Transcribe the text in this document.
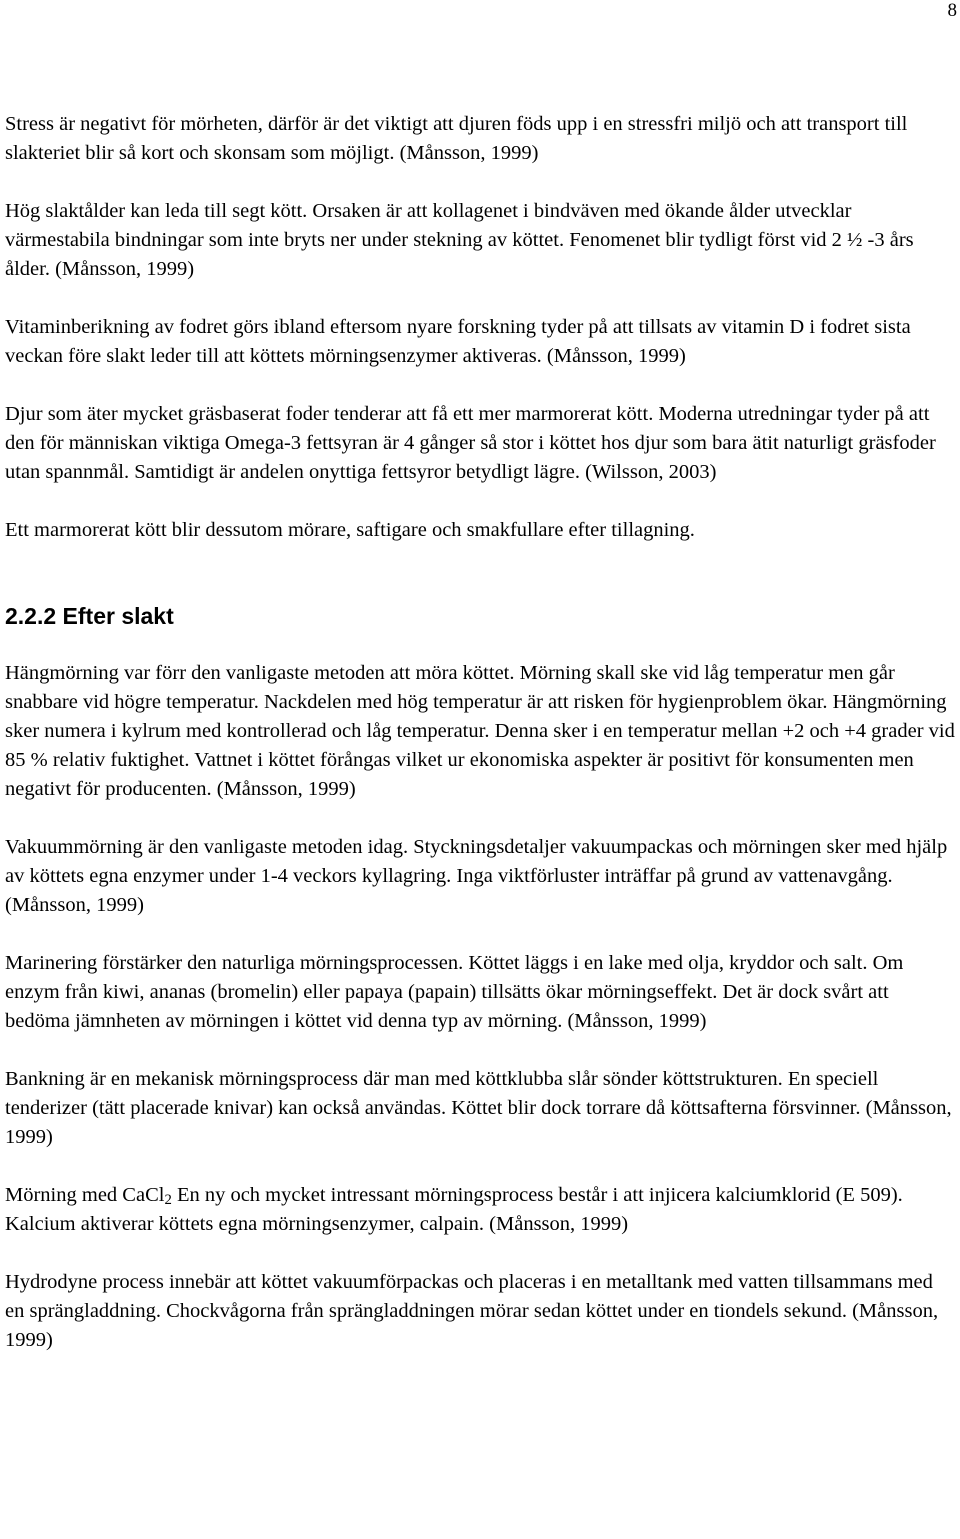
8

Stress är negativt för mörheten, därför är det viktigt att djuren föds upp i en stressfri miljö och att transport till slakteriet blir så kort och skonsam som möjligt. (Månsson, 1999)

Hög slaktålder kan leda till segt kött. Orsaken är att kollagenet i bindväven med ökande ålder utvecklar värmestabila bindningar som inte bryts ner under stekning av köttet. Fenomenet blir tydligt först vid 2 ½ -3 års ålder. (Månsson, 1999)

Vitaminberikning av fodret görs ibland eftersom nyare forskning tyder på att tillsats av vitamin D i fodret sista veckan före slakt leder till att köttets mörningsenzymer aktiveras. (Månsson, 1999)

Djur som äter mycket gräsbaserat foder tenderar att få ett mer marmorerat kött. Moderna utredningar tyder på att den för människan viktiga Omega-3 fettsyran är 4 gånger så stor i köttet hos djur som bara ätit naturligt gräsfoder utan spannmål. Samtidigt är andelen onyttiga fettsyror betydligt lägre. (Wilsson, 2003)

Ett marmorerat kött blir dessutom mörare, saftigare och smakfullare efter tillagning.

2.2.2 Efter slakt

Hängmörning var förr den vanligaste metoden att möra köttet. Mörning skall ske vid låg temperatur men går snabbare vid högre temperatur. Nackdelen med hög temperatur är att risken för hygienproblem ökar. Hängmörning sker numera i kylrum med kontrollerad och låg temperatur. Denna sker i en temperatur mellan +2 och +4 grader vid 85 % relativ fuktighet. Vattnet i köttet förångas vilket ur ekonomiska aspekter är positivt för konsumenten men negativt för producenten. (Månsson, 1999)

Vakuummörning är den vanligaste metoden idag. Styckningsdetaljer vakuumpackas och mörningen sker med hjälp av köttets egna enzymer under 1-4 veckors kyllagring. Inga viktförluster inträffar på grund av vattenavgång. (Månsson, 1999)

Marinering förstärker den naturliga mörningsprocessen. Köttet läggs i en lake med olja, kryddor och salt. Om enzym från kiwi, ananas (bromelin) eller papaya (papain) tillsätts ökar mörningseffekt. Det är dock svårt att bedöma jämnheten av mörningen i köttet vid denna typ av mörning. (Månsson, 1999)

Bankning är en mekanisk mörningsprocess där man med köttklubba slår sönder köttstrukturen. En speciell tenderizer (tätt placerade knivar) kan också användas. Köttet blir dock torrare då köttsafterna försvinner. (Månsson, 1999)

Mörning med CaCl$_2$ En ny och mycket intressant mörningsprocess består i att injicera kalciumklorid (E 509). Kalcium aktiverar köttets egna mörningsenzymer, calpain. (Månsson, 1999)

Hydrodyne process innebär att köttet vakuumförpackas och placeras i en metalltank med vatten tillsammans med en sprängladdning. Chockvågorna från sprängladdningen mörar sedan köttet under en tiondels sekund. (Månsson, 1999)
